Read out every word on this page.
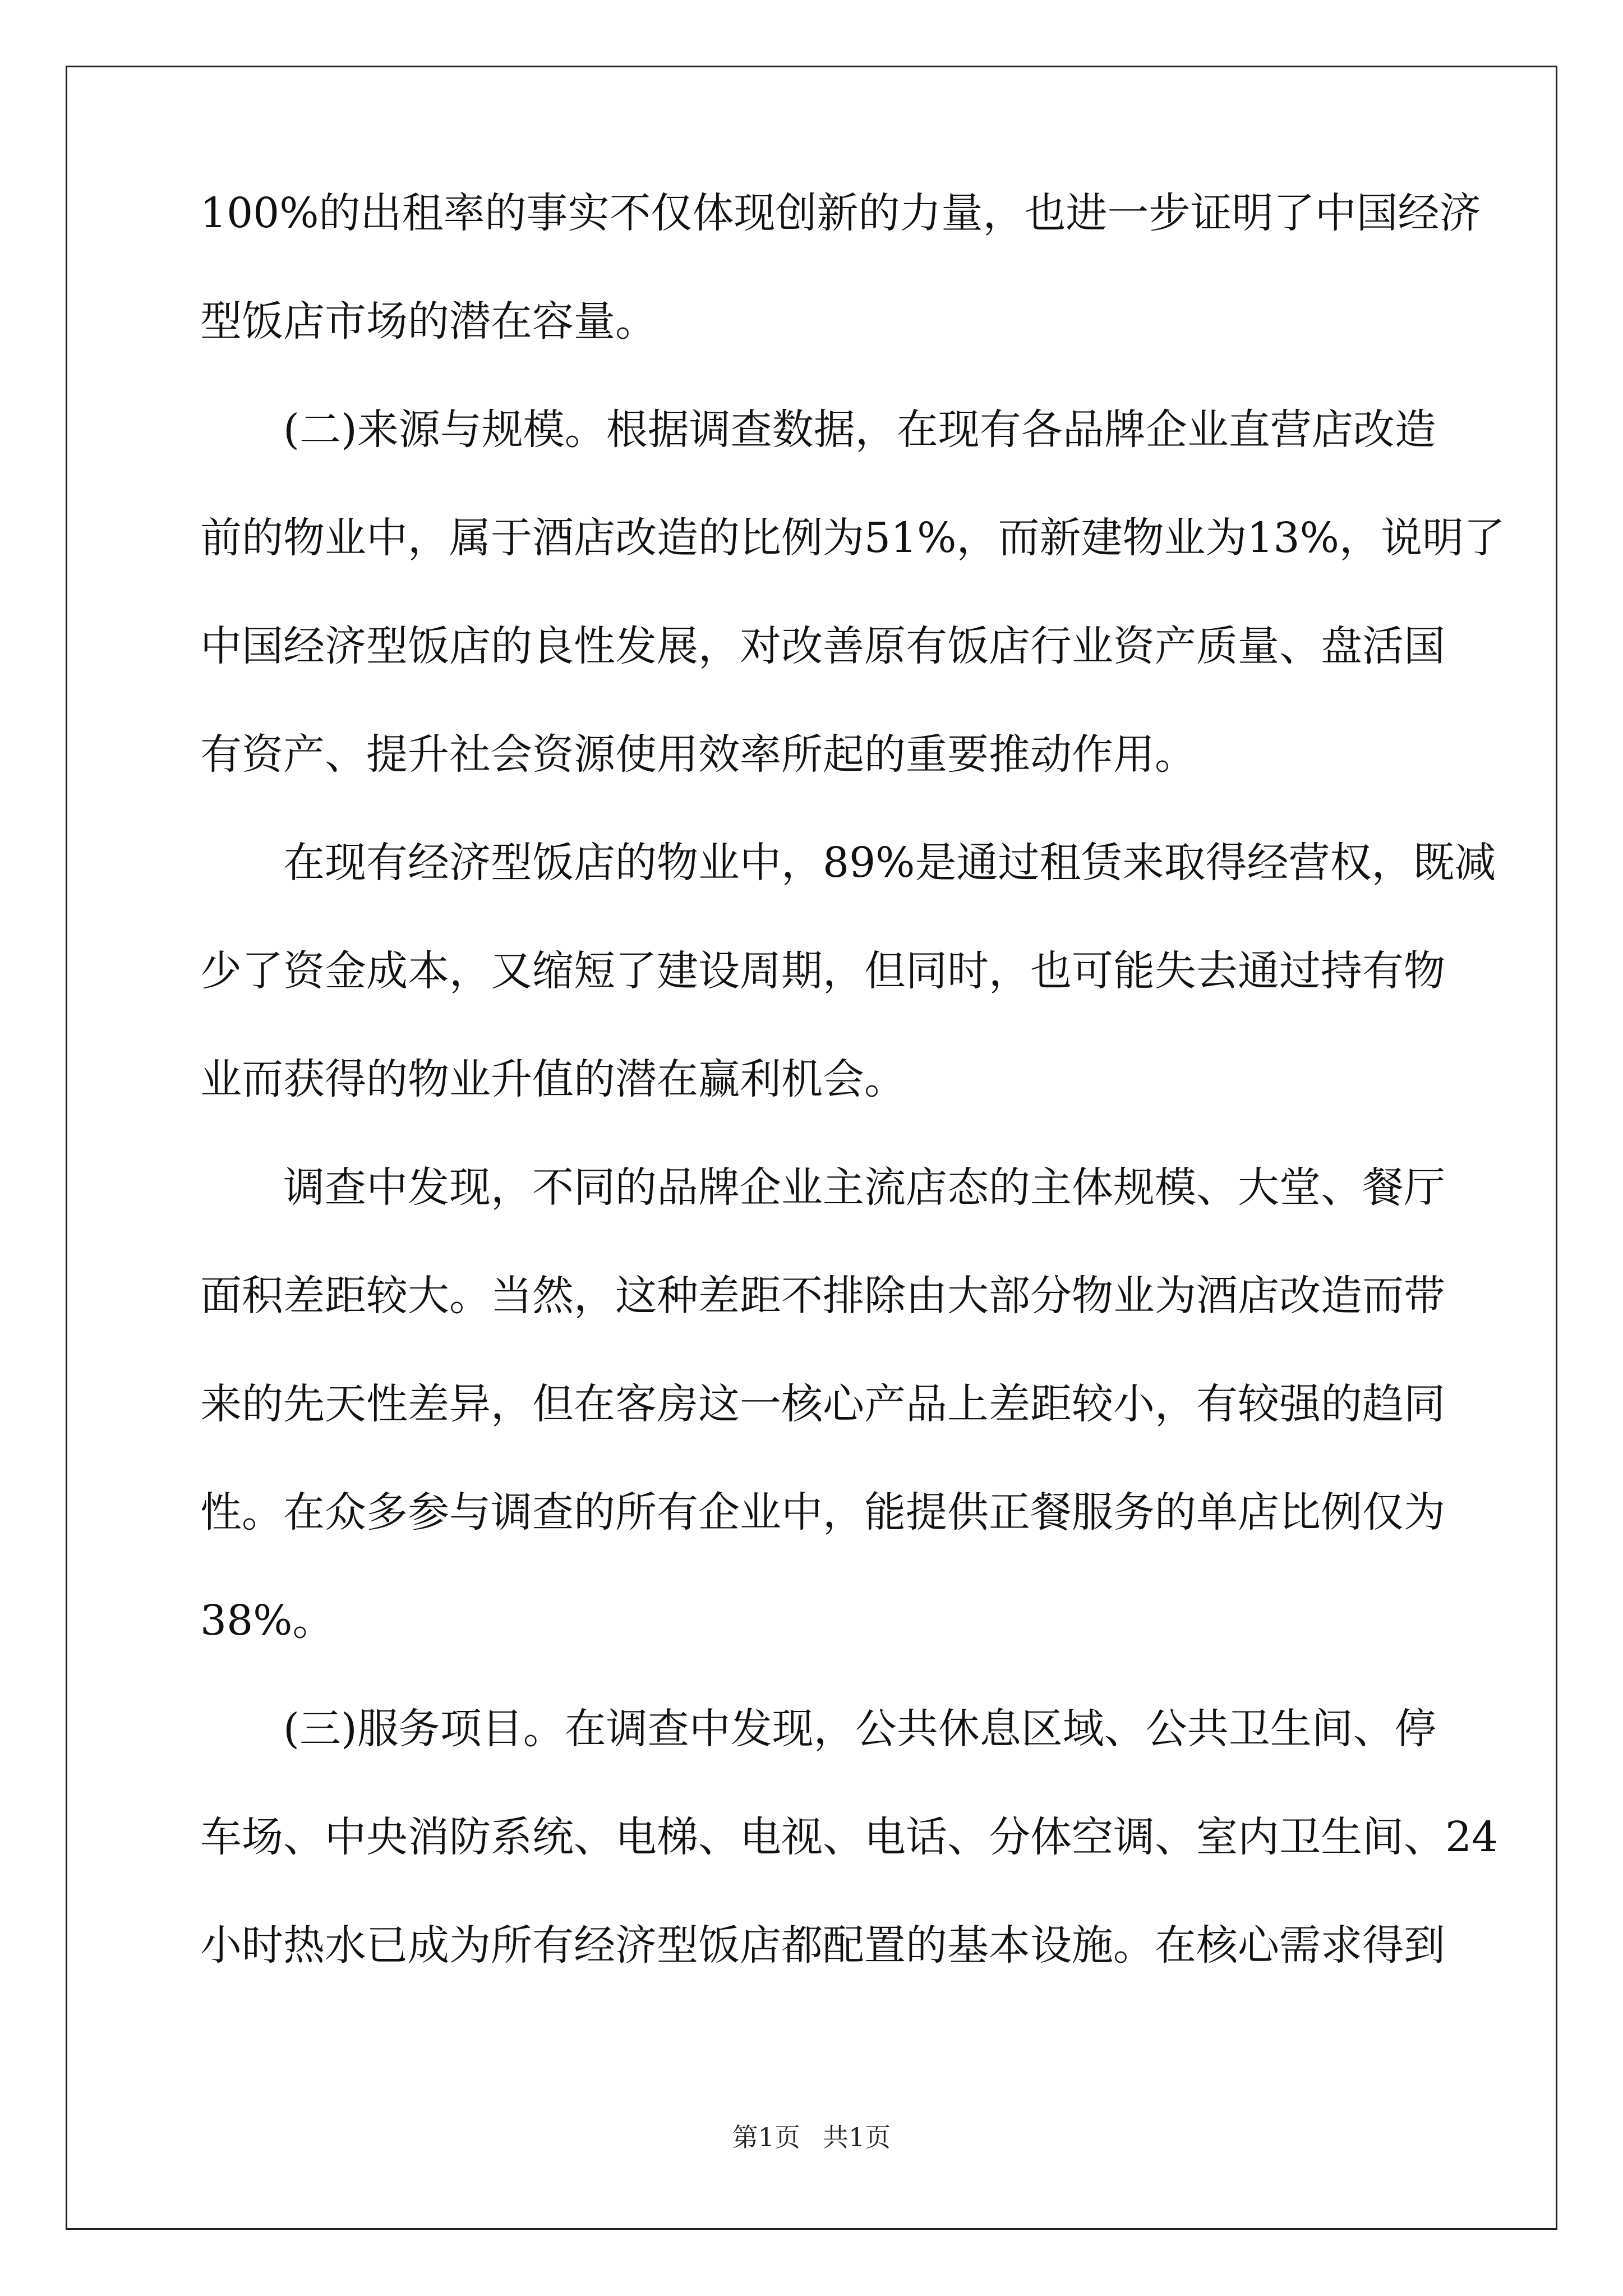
100%的出租率的事实不仅体现创新的力量，也进一步证明了中国经济
型饭店市场的潜在容量。
　　(二)来源与规模。根据调查数据，在现有各品牌企业直营店改造
前的物业中，属于酒店改造的比例为51%，而新建物业为13%，说明了
中国经济型饭店的良性发展，对改善原有饭店行业资产质量、盘活国
有资产、提升社会资源使用效率所起的重要推动作用。
　　在现有经济型饭店的物业中，89%是通过租赁来取得经营权，既减
少了资金成本，又缩短了建设周期，但同时，也可能失去通过持有物
业而获得的物业升值的潜在赢利机会。
　　调查中发现，不同的品牌企业主流店态的主体规模、大堂、餐厅
面积差距较大。当然，这种差距不排除由大部分物业为酒店改造而带
来的先天性差异，但在客房这一核心产品上差距较小，有较强的趋同
性。在众多参与调查的所有企业中，能提供正餐服务的单店比例仅为
38%。
　　(三)服务项目。在调查中发现，公共休息区域、公共卫生间、停
车场、中央消防系统、电梯、电视、电话、分体空调、室内卫生间、24
小时热水已成为所有经济型饭店都配置的基本设施。在核心需求得到
第1页 共1页
